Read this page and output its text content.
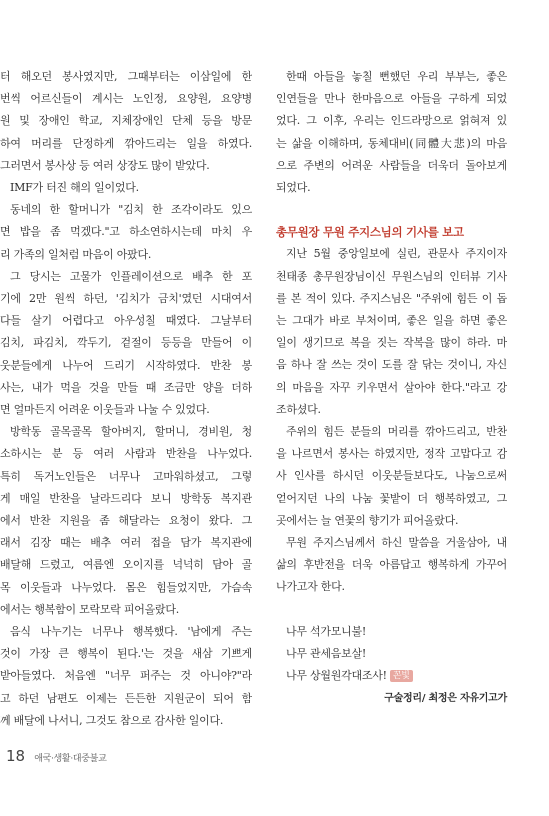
터 해오던 봉사였지만, 그때부터는 이삼일에 한
번씩 어르신들이 계시는 노인정, 요양원, 요양병
원 및 장애인 학교, 지체장애인 단체 등을 방문
하여 머리를 단정하게 깎아드리는 일을 하였다.
그러면서 봉사상 등 여러 상장도 많이 받았다.
IMF가 터진 해의 일이었다.
동네의 한 할머니가 "김치 한 조각이라도 있으
면 밥을 좀 먹겠다."고 하소연하시는데 마치 우
리 가족의 일처럼 마음이 아팠다.
그 당시는 고물가 인플레이션으로 배추 한 포
기에 2만 원씩 하던, '김치가 금치'였던 시대여서
다들 살기 어렵다고 아우성칠 때였다. 그날부터
김치, 파김치, 깍두기, 겉절이 등등을 만들어 이
웃분들에게 나누어 드리기 시작하였다. 반찬 봉
사는, 내가 먹을 것을 만들 때 조금만 양을 더하
면 얼마든지 어려운 이웃들과 나눌 수 있었다.
방학동 골목골목 할아버지, 할머니, 경비원, 청
소하시는 분 등 여러 사람과 반찬을 나누었다.
특히 독거노인들은 너무나 고마워하셨고, 그렇
게 매일 반찬을 날라드리다 보니 방학동 복지관
에서 반찬 지원을 좀 해달라는 요청이 왔다. 그
래서 김장 때는 배추 여러 접을 담가 복지관에
배달해 드렸고, 여름엔 오이지를 넉넉히 담아 골
목 이웃들과 나누었다. 몸은 힘들었지만, 가슴속
에서는 행복함이 모락모락 피어올랐다.
음식 나누기는 너무나 행복했다. '남에게 주는
것이 가장 큰 행복이 된다.'는 것을 새삼 기쁘게
받아들였다. 처음엔 "너무 퍼주는 것 아니야?"라
고 하던 남편도 이제는 든든한 지원군이 되어 함
께 배달에 나서니, 그것도 참으로 감사한 일이다.
한때 아들을 놓칠 뻔했던 우리 부부는, 좋은
인연들을 만나 한마음으로 아들을 구하게 되었
었다. 그 이후, 우리는 인드라망으로 얽혀져 있
는 삶을 이해하며, 동체대비(同體大悲)의 마음
으로 주변의 어려운 사람들을 더욱더 돌아보게
되었다.
총무원장 무원 주지스님의 기사를 보고
지난 5월 중앙일보에 실린, 관문사 주지이자
천태종 총무원장님이신 무원스님의 인터뷰 기사
를 본 적이 있다. 주지스님은 "주위에 힘든 이 돕
는 그대가 바로 부처이며, 좋은 일을 하면 좋은
일이 생기므로 복을 짓는 작복을 많이 하라. 마
음 하나 잘 쓰는 것이 도를 잘 닦는 것이니, 자신
의 마음을 자꾸 키우면서 살아야 한다."라고 강
조하셨다.
주위의 힘든 분들의 머리를 깎아드리고, 반찬
을 나르면서 봉사는 하였지만, 정작 고맙다고 감
사 인사를 하시던 이웃분들보다도, 나눔으로써
얻어지던 나의 나눔 꽃밭이 더 행복하였고, 그
곳에서는 늘 연꽃의 향기가 피어올랐다.
무원 주지스님께서 하신 말씀을 거울삼아, 내
삶의 후반전을 더욱 아름답고 행복하게 가꾸어
나가고자 한다.
나무 석가모니불!
나무 관세음보살!
나무 상월원각대조사! 꼰빛
구술정리/ 최정은 자유기고가
18 애국·생활·대중불교
